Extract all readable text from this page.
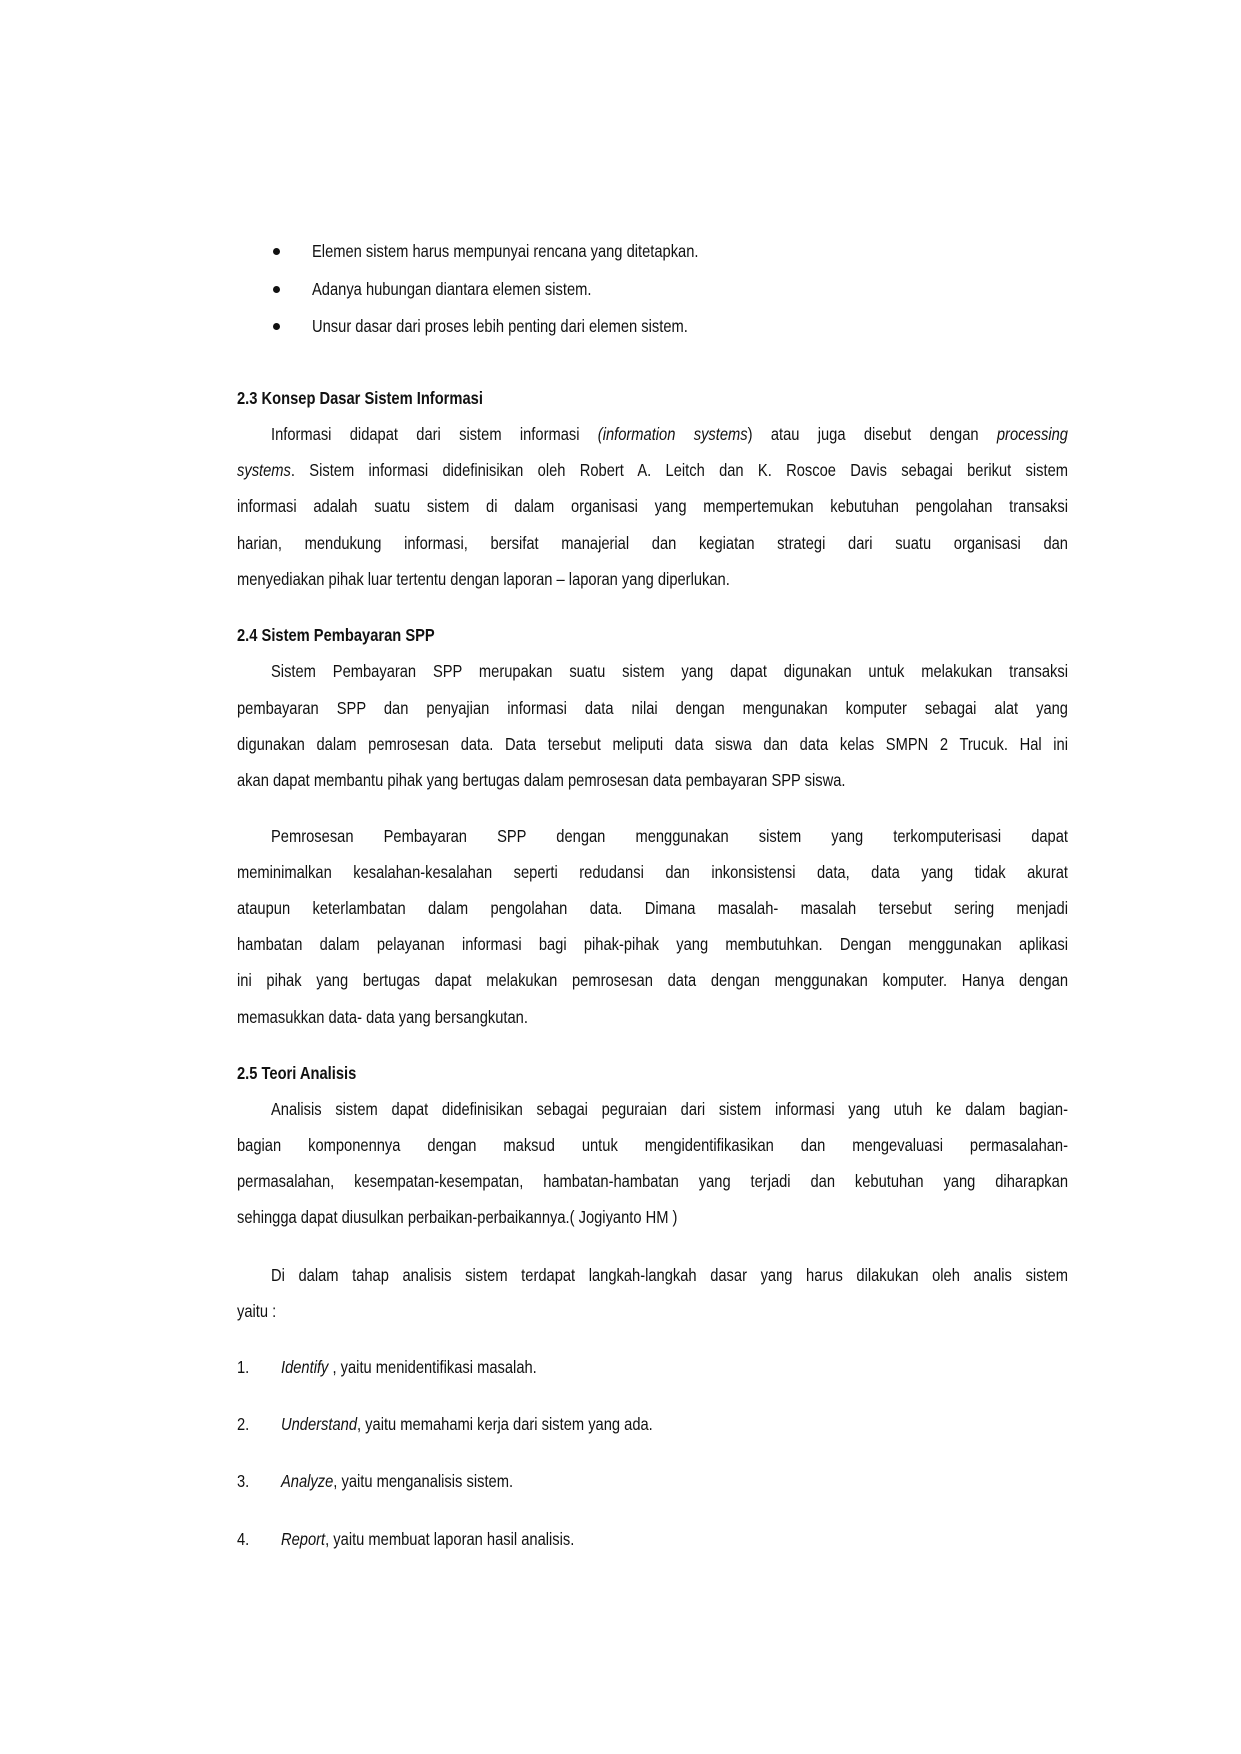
Elemen sistem harus mempunyai rencana yang ditetapkan.
Adanya hubungan diantara elemen sistem.
Unsur dasar dari proses lebih penting dari elemen sistem.
2.3 Konsep Dasar Sistem Informasi
Informasi didapat dari sistem informasi (information systems) atau juga disebut dengan processing
systems. Sistem informasi didefinisikan oleh Robert A. Leitch dan K. Roscoe Davis sebagai berikut sistem
informasi adalah suatu sistem di dalam organisasi yang mempertemukan kebutuhan pengolahan transaksi
harian, mendukung informasi, bersifat manajerial dan kegiatan strategi dari suatu organisasi dan
menyediakan pihak luar tertentu dengan laporan – laporan yang diperlukan.
2.4 Sistem Pembayaran SPP
Sistem Pembayaran SPP merupakan suatu sistem yang dapat digunakan untuk melakukan transaksi
pembayaran SPP dan penyajian informasi data nilai dengan mengunakan komputer sebagai alat yang
digunakan dalam pemrosesan data. Data tersebut meliputi data siswa dan data kelas SMPN 2 Trucuk. Hal ini
akan dapat membantu pihak yang bertugas dalam pemrosesan data pembayaran SPP siswa.
Pemrosesan Pembayaran SPP dengan menggunakan sistem yang terkomputerisasi dapat
meminimalkan kesalahan-kesalahan seperti redudansi dan inkonsistensi data, data yang tidak akurat
ataupun keterlambatan dalam pengolahan data. Dimana masalah- masalah tersebut sering menjadi
hambatan dalam pelayanan informasi bagi pihak-pihak yang membutuhkan. Dengan menggunakan aplikasi
ini pihak yang bertugas dapat melakukan pemrosesan data dengan menggunakan komputer. Hanya dengan
memasukkan data- data yang bersangkutan.
2.5 Teori Analisis
Analisis sistem dapat didefinisikan sebagai peguraian dari sistem informasi yang utuh ke dalam bagian-
bagian komponennya dengan maksud untuk mengidentifikasikan dan mengevaluasi permasalahan-
permasalahan, kesempatan-kesempatan, hambatan-hambatan yang terjadi dan kebutuhan yang diharapkan
sehingga dapat diusulkan perbaikan-perbaikannya.( Jogiyanto HM )
Di dalam tahap analisis sistem terdapat langkah-langkah dasar yang harus dilakukan oleh analis sistem
yaitu :
1. Identify , yaitu menidentifikasi masalah.
2. Understand, yaitu memahami kerja dari sistem yang ada.
3. Analyze, yaitu menganalisis sistem.
4. Report, yaitu membuat laporan hasil analisis.
